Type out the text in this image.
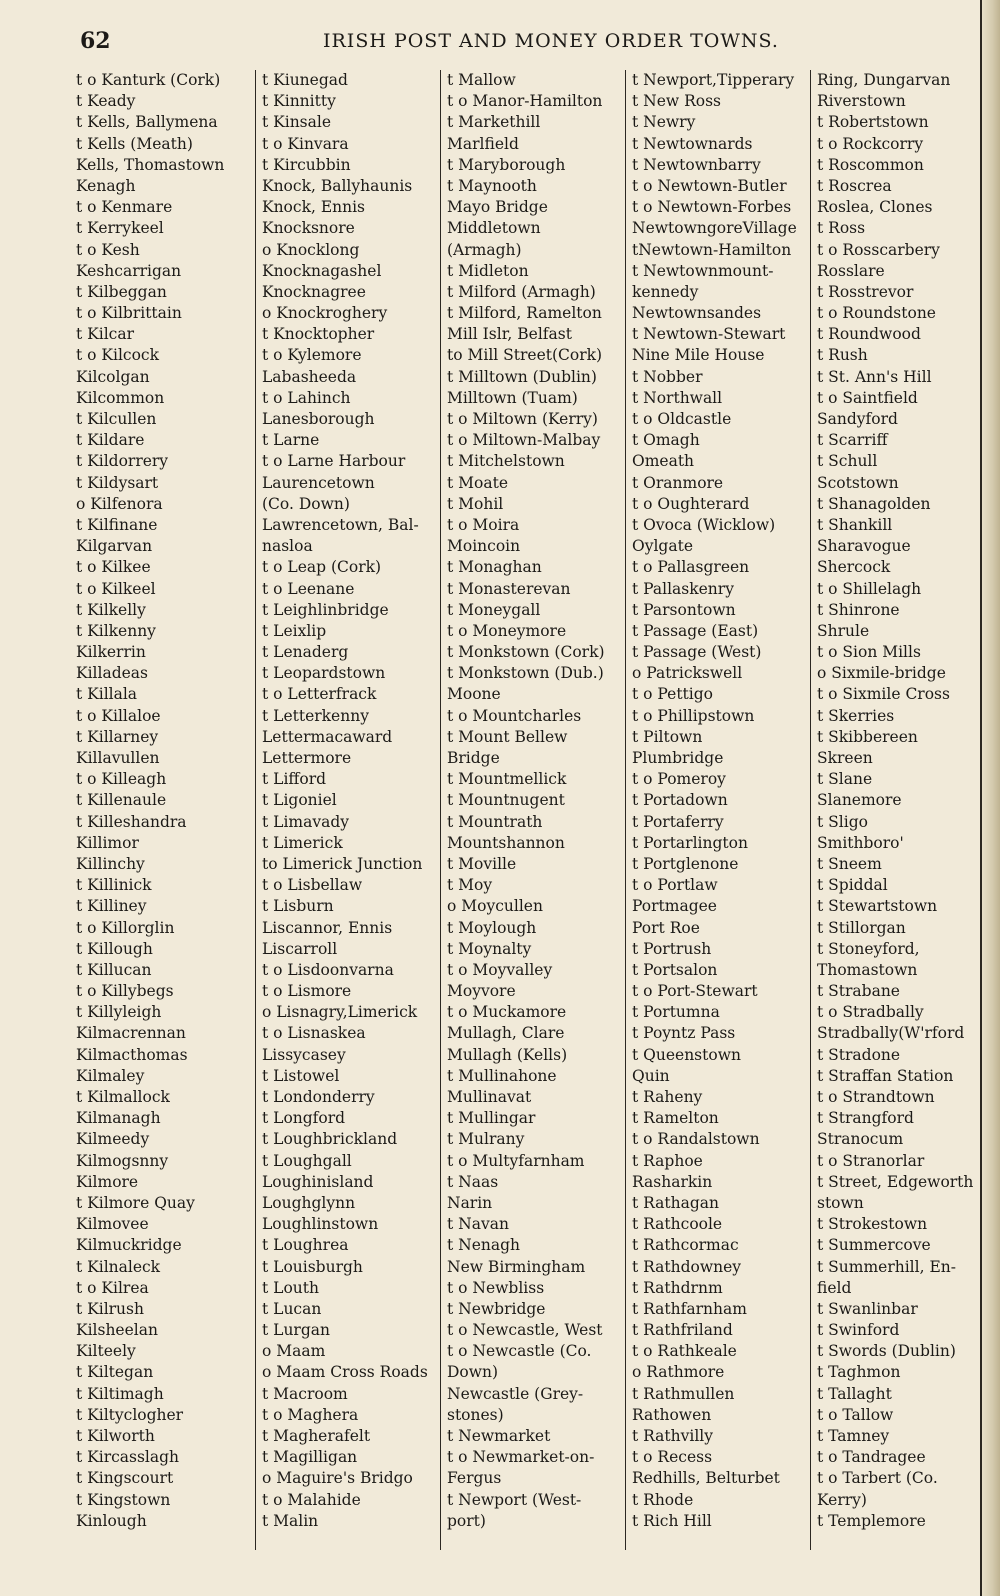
62	IRISH POST AND MONEY ORDER TOWNS.
t o Kanturk (Cork)
t Keady
t Kells, Ballymena
t Kells (Meath)
Kells, Thomastown
Kenagh
t o Kenmare
t Kerrykeel
t o Kesh
Keshcarrigan
t Kilbeggan
t o Kilbrittain
t Kilcar
t o Kilcock
Kilcolgan
Kilcommon
t Kilcullen
t Kildare
t Kildorrery
t Kildysart
o Kilfenora
t Kilfinane
Kilgarvan
t o Kilkee
t o Kilkeel
t Kilkelly
t Kilkenny
Kilkerrin
Killadeas
t Killala
t o Killaloe
t Killarney
Killavullen
t o Killeagh
t Killenaule
t Killeshandra
Killimor
Killinchy
t Killinick
t Killiney
t o Killorglin
t Killough
t Killucan
t o Killybegs
t Killyleigh
Kilmacrennan
Kilmacthomas
Kilmaley
t Kilmallock
Kilmanagh
Kilmeedy
Kilmogsnny
Kilmore
t Kilmore Quay
Kilmovee
Kilmuckridge
t Kilnaleck
t o Kilrea
t Kilrush
Kilsheelan
Kilteely
t Kiltegan
t Kiltimagh
t Kiltyclogher
t Kilworth
t Kircasslagh
t Kingscourt
t Kingstown
Kinlough
t Kiunegad
t Kinnitty
t Kinsale
t o Kinvara
t Kircubbin
Knock, Ballyhaunis
Knock, Ennis
Knocksnore
o Knocklong
Knocknagashel
Knocknagree
o Knockroghery
t Knocktopher
t o Kylemore
Labasheeda
t o Lahinch
Lanesborough
t Larne
t o Larne Harbour
Laurencetown
(Co. Down)
Lawrencetown, Bal-
nasloa
t o Leap (Cork)
t o Leenane
t Leighlinbridge
t Leixlip
t Lenaderg
t Leopardstown
t o Letterfrack
t Letterkenny
Lettermacaward
Lettermore
t Lifford
t Ligoniel
t Limavady
t Limerick
to Limerick Junction
t o Lisbellaw
t Lisburn
Liscannor, Ennis
Liscarroll
t o Lisdoonvarna
t o Lismore
o Lisnagry,Limerick
t o Lisnaskea
Lissycasey
t Listowel
t Londonderry
t Longford
t Loughbrickland
t Loughgall
Loughinisland
Loughglynn
Loughlinstown
t Loughrea
t Louisburgh
t Louth
t Lucan
t Lurgan
o Maam
o Maam Cross Roads
t Macroom
t o Maghera
t Magherafelt
t Magilligan
o Maguire's Bridgo
t o Malahide
t Malin
t Mallow
t o Manor-Hamilton
t Markethill
Marlfield
t Maryborough
t Maynooth
Mayo Bridge
Middletown
(Armagh)
t Midleton
t Milford (Armagh)
t Milford, Ramelton
Mill Islr, Belfast
to Mill Street(Cork)
t Milltown (Dublin)
Milltown (Tuam)
t o Miltown (Kerry)
t o Miltown-Malbay
t Mitchelstown
t Moate
t Mohil
t o Moira
Moincoin
t Monaghan
t Monasterevan
t Moneygall
t o Moneymore
t Monkstown (Cork)
t Monkstown (Dub.)
Moone
t o Mountcharles
t Mount Bellew
Bridge
t Mountmellick
t Mountnugent
t Mountrath
Mountshannon
t Moville
t Moy
o Moycullen
t Moylough
t Moynalty
t o Moyvalley
Moyvore
t o Muckamore
Mullagh, Clare
Mullagh (Kells)
t Mullinahone
Mullinavat
t Mullingar
t Mulrany
t o Multyfarnham
t Naas
Narin
t Navan
t Nenagh
New Birmingham
t o Newbliss
t Newbridge
t o Newcastle, West
t o Newcastle (Co.
Down)
Newcastle (Grey-
stones)
t Newmarket
t o Newmarket-on-
Fergus
t Newport (West-
port)
t Newport,Tipperary
t New Ross
t Newry
t Newtownards
t Newtownbarry
t o Newtown-Butler
t o Newtown-Forbes
NewtowngoreVillage
tNewtown-Hamilton
t Newtownmount-
kennedy
Newtownsandes
t Newtown-Stewart
Nine Mile House
t Nobber
t Northwall
t o Oldcastle
t Omagh
Omeath
t Oranmore
t o Oughterard
t Ovoca (Wicklow)
Oylgate
t o Pallasgreen
t Pallaskenry
t Parsontown
t Passage (East)
t Passage (West)
o Patrickswell
t o Pettigo
t o Phillipstown
t Piltown
Plumbridge
t o Pomeroy
t Portadown
t Portaferry
t Portarlington
t Portglenone
t o Portlaw
Portmagee
Port Roe
t Portrush
t Portsalon
t o Port-Stewart
t Portumna
t Poyntz Pass
t Queenstown
Quin
t Raheny
t Ramelton
t o Randalstown
t Raphoe
Rasharkin
t Rathagan
t Rathcoole
t Rathcormac
t Rathdowney
t Rathdrnm
t Rathfarnham
t Rathfriland
t o Rathkeale
o Rathmore
t Rathmullen
Rathowen
t Rathvilly
t o Recess
Redhills, Belturbet
t Rhode
t Rich Hill
Ring, Dungarvan
Riverstown
t Robertstown
t o Rockcorry
t Roscommon
t Roscrea
Roslea, Clones
t Ross
t o Rosscarbery
Rosslare
t Rosstrevor
t o Roundstone
t Roundwood
t Rush
t St. Ann's Hill
t o Saintfield
Sandyford
t Scarriff
t Schull
Scotstown
t Shanagolden
t Shankill
Sharavogue
Shercock
t o Shillelagh
t Shinrone
Shrule
t o Sion Mills
o Sixmile-bridge
t o Sixmile Cross
t Skerries
t Skibbereen
Skreen
t Slane
Slanemore
t Sligo
Smithboro'
t Sneem
t Spiddal
t Stewartstown
t Stillorgan
t Stoneyford,
Thomastown
t Strabane
t o Stradbally
Stradbally(W'rford
t Stradone
t Straffan Station
t o Strandtown
t Strangford
Stranocum
t o Stranorlar
t Street, Edgeworth
stown
t Strokestown
t Summercove
t Summerhill, En-
field
t Swanlinbar
t Swinford
t Swords (Dublin)
t Taghmon
t Tallaght
t o Tallow
t Tamney
t o Tandragee
t o Tarbert (Co.
Kerry)
t Templemore
